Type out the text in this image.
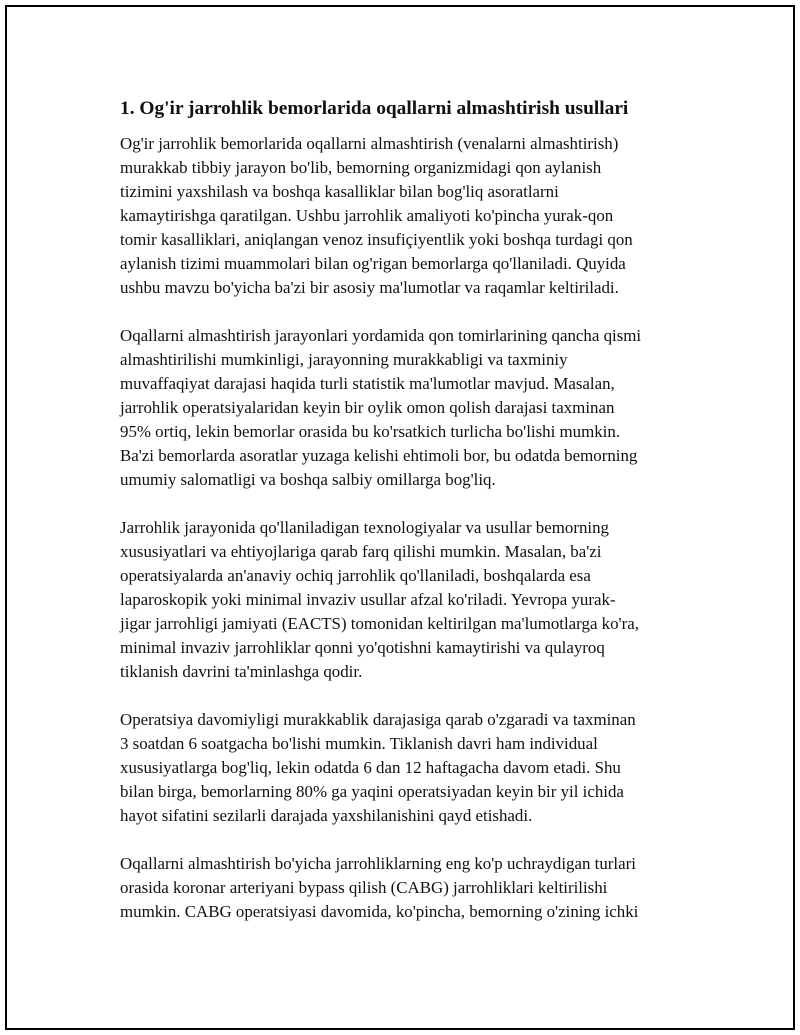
1. Og'ir jarrohlik bemorlarida oqallarni almashtirish usullari

Og'ir jarrohlik bemorlarida oqallarni almashtirish (venalarni almashtirish)
murakkab tibbiy jarayon bo'lib, bemorning organizmidagi qon aylanish
tizimini yaxshilash va boshqa kasalliklar bilan bog'liq asoratlarni
kamaytirishga qaratilgan. Ushbu jarrohlik amaliyoti ko'pincha yurak-qon
tomir kasalliklari, aniqlangan venoz insufiçiyentlik yoki boshqa turdagi qon
aylanish tizimi muammolari bilan og'rigan bemorlarga qo'llaniladi. Quyida
ushbu mavzu bo'yicha ba'zi bir asosiy ma'lumotlar va raqamlar keltiriladi.

Oqallarni almashtirish jarayonlari yordamida qon tomirlarining qancha qismi
almashtirilishi mumkinligi, jarayonning murakkabligi va taxminiy
muvaffaqiyat darajasi haqida turli statistik ma'lumotlar mavjud. Masalan,
jarrohlik operatsiyalaridan keyin bir oylik omon qolish darajasi taxminan
95% ortiq, lekin bemorlar orasida bu ko'rsatkich turlicha bo'lishi mumkin.
Ba'zi bemorlarda asoratlar yuzaga kelishi ehtimoli bor, bu odatda bemorning
umumiy salomatligi va boshqa salbiy omillarga bog'liq.

Jarrohlik jarayonida qo'llaniladigan texnologiyalar va usullar bemorning
xususiyatlari va ehtiyojlariga qarab farq qilishi mumkin. Masalan, ba'zi
operatsiyalarda an'anaviy ochiq jarrohlik qo'llaniladi, boshqalarda esa
laparoskopik yoki minimal invaziv usullar afzal ko'riladi. Yevropa yurak-
jigar jarrohligi jamiyati (EACTS) tomonidan keltirilgan ma'lumotlarga ko'ra,
minimal invaziv jarrohliklar qonni yo'qotishni kamaytirishi va qulayroq
tiklanish davrini ta'minlashga qodir.

Operatsiya davomiyligi murakkablik darajasiga qarab o'zgaradi va taxminan
3 soatdan 6 soatgacha bo'lishi mumkin. Tiklanish davri ham individual
xususiyatlarga bog'liq, lekin odatda 6 dan 12 haftagacha davom etadi. Shu
bilan birga, bemorlarning 80% ga yaqini operatsiyadan keyin bir yil ichida
hayot sifatini sezilarli darajada yaxshilanishini qayd etishadi.

Oqallarni almashtirish bo'yicha jarrohliklarning eng ko'p uchraydigan turlari
orasida koronar arteriyani bypass qilish (CABG) jarrohliklari keltirilishi
mumkin. CABG operatsiyasi davomida, ko'pincha, bemorning o'zining ichki
